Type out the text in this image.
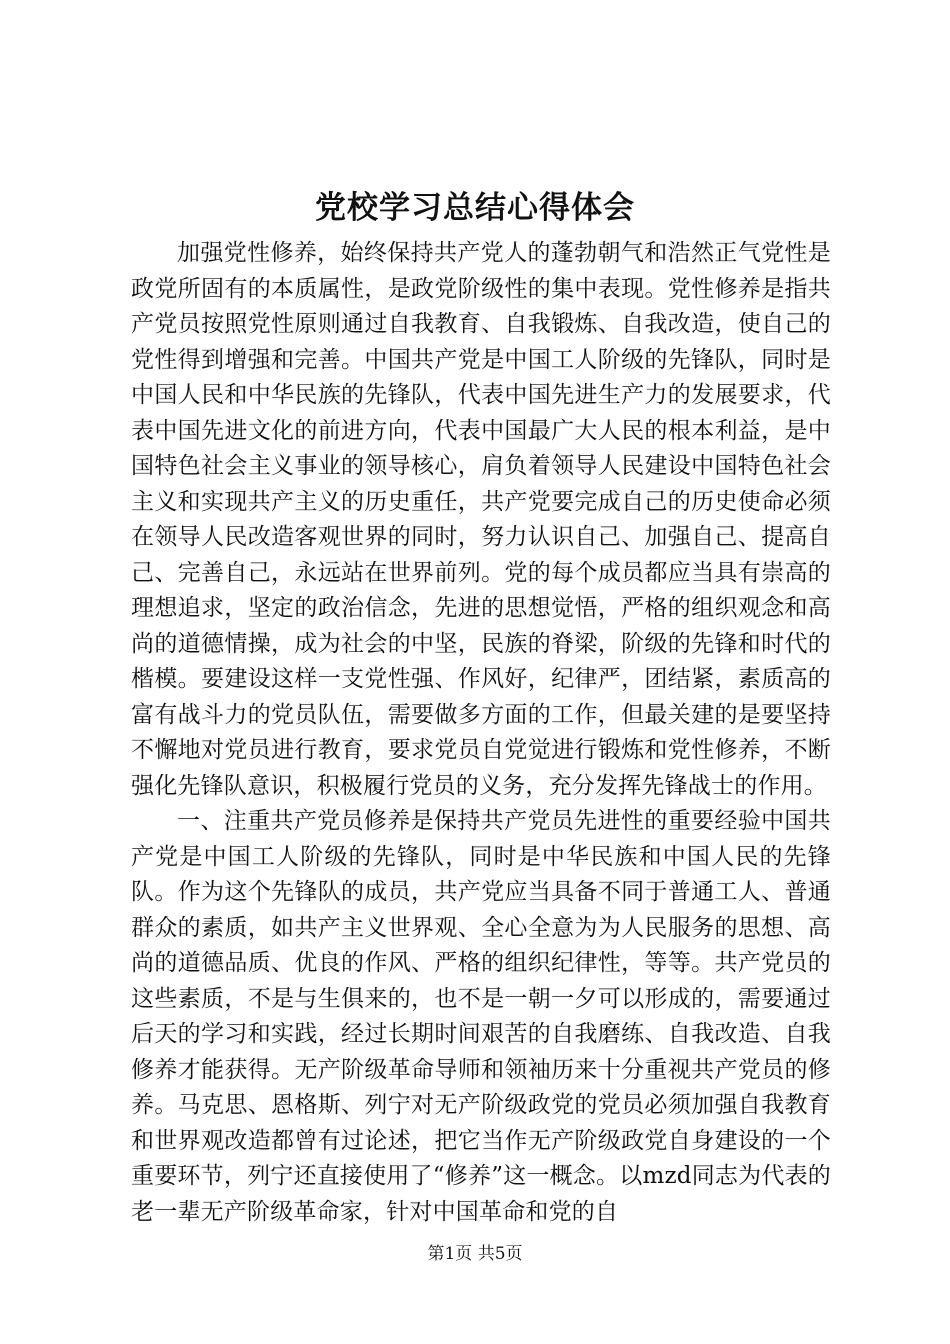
党校学习总结心得体会

加强党性修养，始终保持共产党人的蓬勃朝气和浩然正气党性是政党所固有的本质属性，是政党阶级性的集中表现。党性修养是指共产党员按照党性原则通过自我教育、自我锻炼、自我改造，使自己的党性得到增强和完善。中国共产党是中国工人阶级的先锋队，同时是中国人民和中华民族的先锋队，代表中国先进生产力的发展要求，代表中国先进文化的前进方向，代表中国最广大人民的根本利益，是中国特色社会主义事业的领导核心，肩负着领导人民建设中国特色社会主义和实现共产主义的历史重任，共产党要完成自己的历史使命必须在领导人民改造客观世界的同时，努力认识自己、加强自己、提高自己、完善自己，永远站在世界前列。党的每个成员都应当具有崇高的理想追求，坚定的政治信念，先进的思想觉悟，严格的组织观念和高尚的道德情操，成为社会的中坚，民族的脊梁，阶级的先锋和时代的楷模。要建设这样一支党性强、作风好，纪律严，团结紧，素质高的富有战斗力的党员队伍，需要做多方面的工作，但最关建的是要坚持不懈地对党员进行教育，要求党员自党觉进行锻炼和党性修养，不断强化先锋队意识，积极履行党员的义务，充分发挥先锋战士的作用。

一、注重共产党员修养是保持共产党员先进性的重要经验中国共产党是中国工人阶级的先锋队，同时是中华民族和中国人民的先锋队。作为这个先锋队的成员，共产党应当具备不同于普通工人、普通群众的素质，如共产主义世界观、全心全意为为人民服务的思想、高尚的道德品质、优良的作风、严格的组织纪律性，等等。共产党员的这些素质，不是与生俱来的，也不是一朝一夕可以形成的，需要通过后天的学习和实践，经过长期时间艰苦的自我磨练、自我改造、自我修养才能获得。无产阶级革命导师和领袖历来十分重视共产党员的修养。马克思、恩格斯、列宁对无产阶级政党的党员必须加强自我教育和世界观改造都曾有过论述，把它当作无产阶级政党自身建设的一个重要环节，列宁还直接使用了“修养”这一概念。以mzd同志为代表的老一辈无产阶级革命家，针对中国革命和党的自

第1页 共5页
